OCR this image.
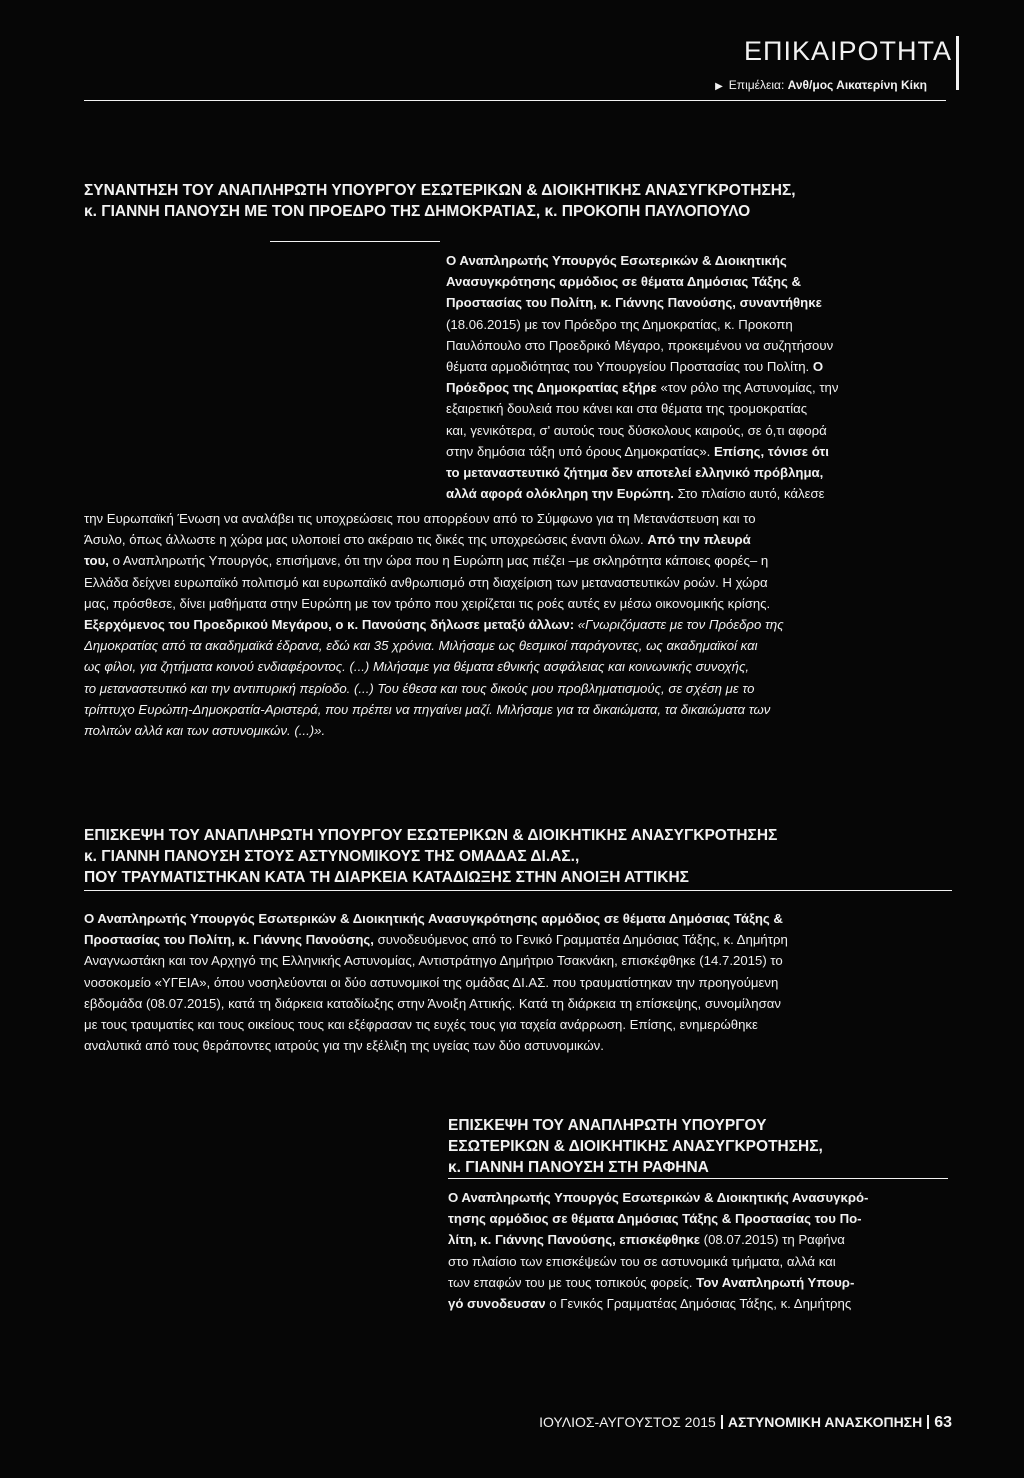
ΕΠΙΚΑΙΡΟΤΗΤΑ
▶ Επιμέλεια: Ανθ/μος Αικατερίνη Κίκη
ΣΥΝΑΝΤΗΣΗ ΤΟΥ ΑΝΑΠΛΗΡΩΤΗ ΥΠΟΥΡΓΟΥ ΕΣΩΤΕΡΙΚΩΝ & ΔΙΟΙΚΗΤΙΚΗΣ ΑΝΑΣΥΓΚΡΟΤΗΣΗΣ,
κ. ΓΙΑΝΝΗ ΠΑΝΟΥΣΗ ΜΕ ΤΟΝ ΠΡΟΕΔΡΟ ΤΗΣ ΔΗΜΟΚΡΑΤΙΑΣ, κ. ΠΡΟΚΟΠΗ ΠΑΥΛΟΠΟΥΛΟ
Ο Αναπληρωτής Υπουργός Εσωτερικών & Διοικητικής
Ανασυγκρότησης αρμόδιος σε θέματα Δημόσιας Τάξης &
Προστασίας του Πολίτη, κ. Γιάννης Πανούσης, συναντήθηκε
(18.06.2015) με τον Πρόεδρο της Δημοκρατίας, κ. Προκοπη
Παυλόπουλο στο Προεδρικό Μέγαρο, προκειμένου να συζητήσουν
θέματα αρμοδιότητας του Υπουργείου Προστασίας του Πολίτη. Ο
Πρόεδρος της Δημοκρατίας εξήρε «τον ρόλο της Αστυνομίας, την
εξαιρετική δουλειά που κάνει και στα θέματα της τρομοκρατίας
και, γενικότερα, σ' αυτούς τους δύσκολους καιρούς, σε ό,τι αφορά
στην δημόσια τάξη υπό όρους Δημοκρατίας». Επίσης, τόνισε ότι
το μεταναστευτικό ζήτημα δεν αποτελεί ελληνικό πρόβλημα,
αλλά αφορά ολόκληρη την Ευρώπη. Στο πλαίσιο αυτό, κάλεσε
την Ευρωπαϊκή Ένωση να αναλάβει τις υποχρεώσεις που απορρέουν από το Σύμφωνο για τη Μετανάστευση και το
Άσυλο, όπως άλλωστε η χώρα μας υλοποιεί στο ακέραιο τις δικές της υποχρεώσεις έναντι όλων. Από την πλευρά
του, ο Αναπληρωτής Υπουργός, επισήμανε, ότι την ώρα που η Ευρώπη μας πιέζει –με σκληρότητα κάποιες φορές– η
Ελλάδα δείχνει ευρωπαϊκό πολιτισμό και ευρωπαϊκό ανθρωπισμό στη διαχείριση των μεταναστευτικών ροών. Η χώρα
μας, πρόσθεσε, δίνει μαθήματα στην Ευρώπη με τον τρόπο που χειρίζεται τις ροές αυτές εν μέσω οικονομικής κρίσης.
Εξερχόμενος του Προεδρικού Μεγάρου, ο κ. Πανούσης δήλωσε μεταξύ άλλων: «Γνωριζόμαστε με τον Πρόεδρο της
Δημοκρατίας από τα ακαδημαϊκά έδρανα, εδώ και 35 χρόνια. Μιλήσαμε ως θεσμικοί παράγοντες, ως ακαδημαϊκοί και
ως φίλοι, για ζητήματα κοινού ενδιαφέροντος. (...) Μιλήσαμε για θέματα εθνικής ασφάλειας και κοινωνικής συνοχής,
το μεταναστευτικό και την αντιπυρική περίοδο. (...) Του έθεσα και τους δικούς μου προβληματισμούς, σε σχέση με το
τρίπτυχο Ευρώπη-Δημοκρατία-Αριστερά, που πρέπει να πηγαίνει μαζί. Μιλήσαμε για τα δικαιώματα, τα δικαιώματα των
πολιτών αλλά και των αστυνομικών. (...)».
ΕΠΙΣΚΕΨΗ ΤΟΥ ΑΝΑΠΛΗΡΩΤΗ ΥΠΟΥΡΓΟΥ ΕΣΩΤΕΡΙΚΩΝ & ΔΙΟΙΚΗΤΙΚΗΣ ΑΝΑΣΥΓΚΡΟΤΗΣΗΣ
κ. ΓΙΑΝΝΗ ΠΑΝΟΥΣΗ ΣΤΟΥΣ ΑΣΤΥΝΟΜΙΚΟΥΣ ΤΗΣ ΟΜΑΔΑΣ ΔΙ.ΑΣ.,
ΠΟΥ ΤΡΑΥΜΑΤΙΣΤΗΚΑΝ ΚΑΤΑ ΤΗ ΔΙΑΡΚΕΙΑ ΚΑΤΑΔΙΩΞΗΣ ΣΤΗΝ ΑΝΟΙΞΗ ΑΤΤΙΚΗΣ
Ο Αναπληρωτής Υπουργός Εσωτερικών & Διοικητικής Ανασυγκρότησης αρμόδιος σε θέματα Δημόσιας Τάξης &
Προστασίας του Πολίτη, κ. Γιάννης Πανούσης, συνοδευόμενος από το Γενικό Γραμματέα Δημόσιας Τάξης, κ. Δημήτρη
Αναγνωστάκη και τον Αρχηγό της Ελληνικής Αστυνομίας, Αντιστράτηγο Δημήτριο Τσακνάκη, επισκέφθηκε (14.7.2015) το
νοσοκομείο «ΥΓΕΙΑ», όπου νοσηλεύονται οι δύο αστυνομικοί της ομάδας ΔΙ.ΑΣ. που τραυματίστηκαν την προηγούμενη
εβδομάδα (08.07.2015), κατά τη διάρκεια καταδίωξης στην Άνοιξη Αττικής. Κατά τη διάρκεια τη επίσκεψης, συνομίλησαν
με τους τραυματίες και τους οικείους τους και εξέφρασαν τις ευχές τους για ταχεία ανάρρωση. Επίσης, ενημερώθηκε
αναλυτικά από τους θεράποντες ιατρούς για την εξέλιξη της υγείας των δύο αστυνομικών.
ΕΠΙΣΚΕΨΗ ΤΟΥ ΑΝΑΠΛΗΡΩΤΗ ΥΠΟΥΡΓΟΥ
ΕΣΩΤΕΡΙΚΩΝ & ΔΙΟΙΚΗΤΙΚΗΣ ΑΝΑΣΥΓΚΡΟΤΗΣΗΣ,
κ. ΓΙΑΝΝΗ ΠΑΝΟΥΣΗ ΣΤΗ ΡΑΦΗΝΑ
Ο Αναπληρωτής Υπουργός Εσωτερικών & Διοικητικής Ανασυγκρό-
τησης αρμόδιος σε θέματα Δημόσιας Τάξης & Προστασίας του Πο-
λίτη, κ. Γιάννης Πανούσης, επισκέφθηκε (08.07.2015) τη Ραφήνα
στο πλαίσιο των επισκέψεών του σε αστυνομικά τμήματα, αλλά και
των επαφών του με τους τοπικούς φορείς. Τον Αναπληρωτή Υπουρ-
γό συνοδευσαν ο Γενικός Γραμματέας Δημόσιας Τάξης, κ. Δημήτρης
ΙΟΥΛΙΟΣ-ΑΥΓΟΥΣΤΟΣ 2015 ΑΣΤΥΝΟΜΙΚΗ ΑΝΑΣΚΟΠΗΣΗ 63
